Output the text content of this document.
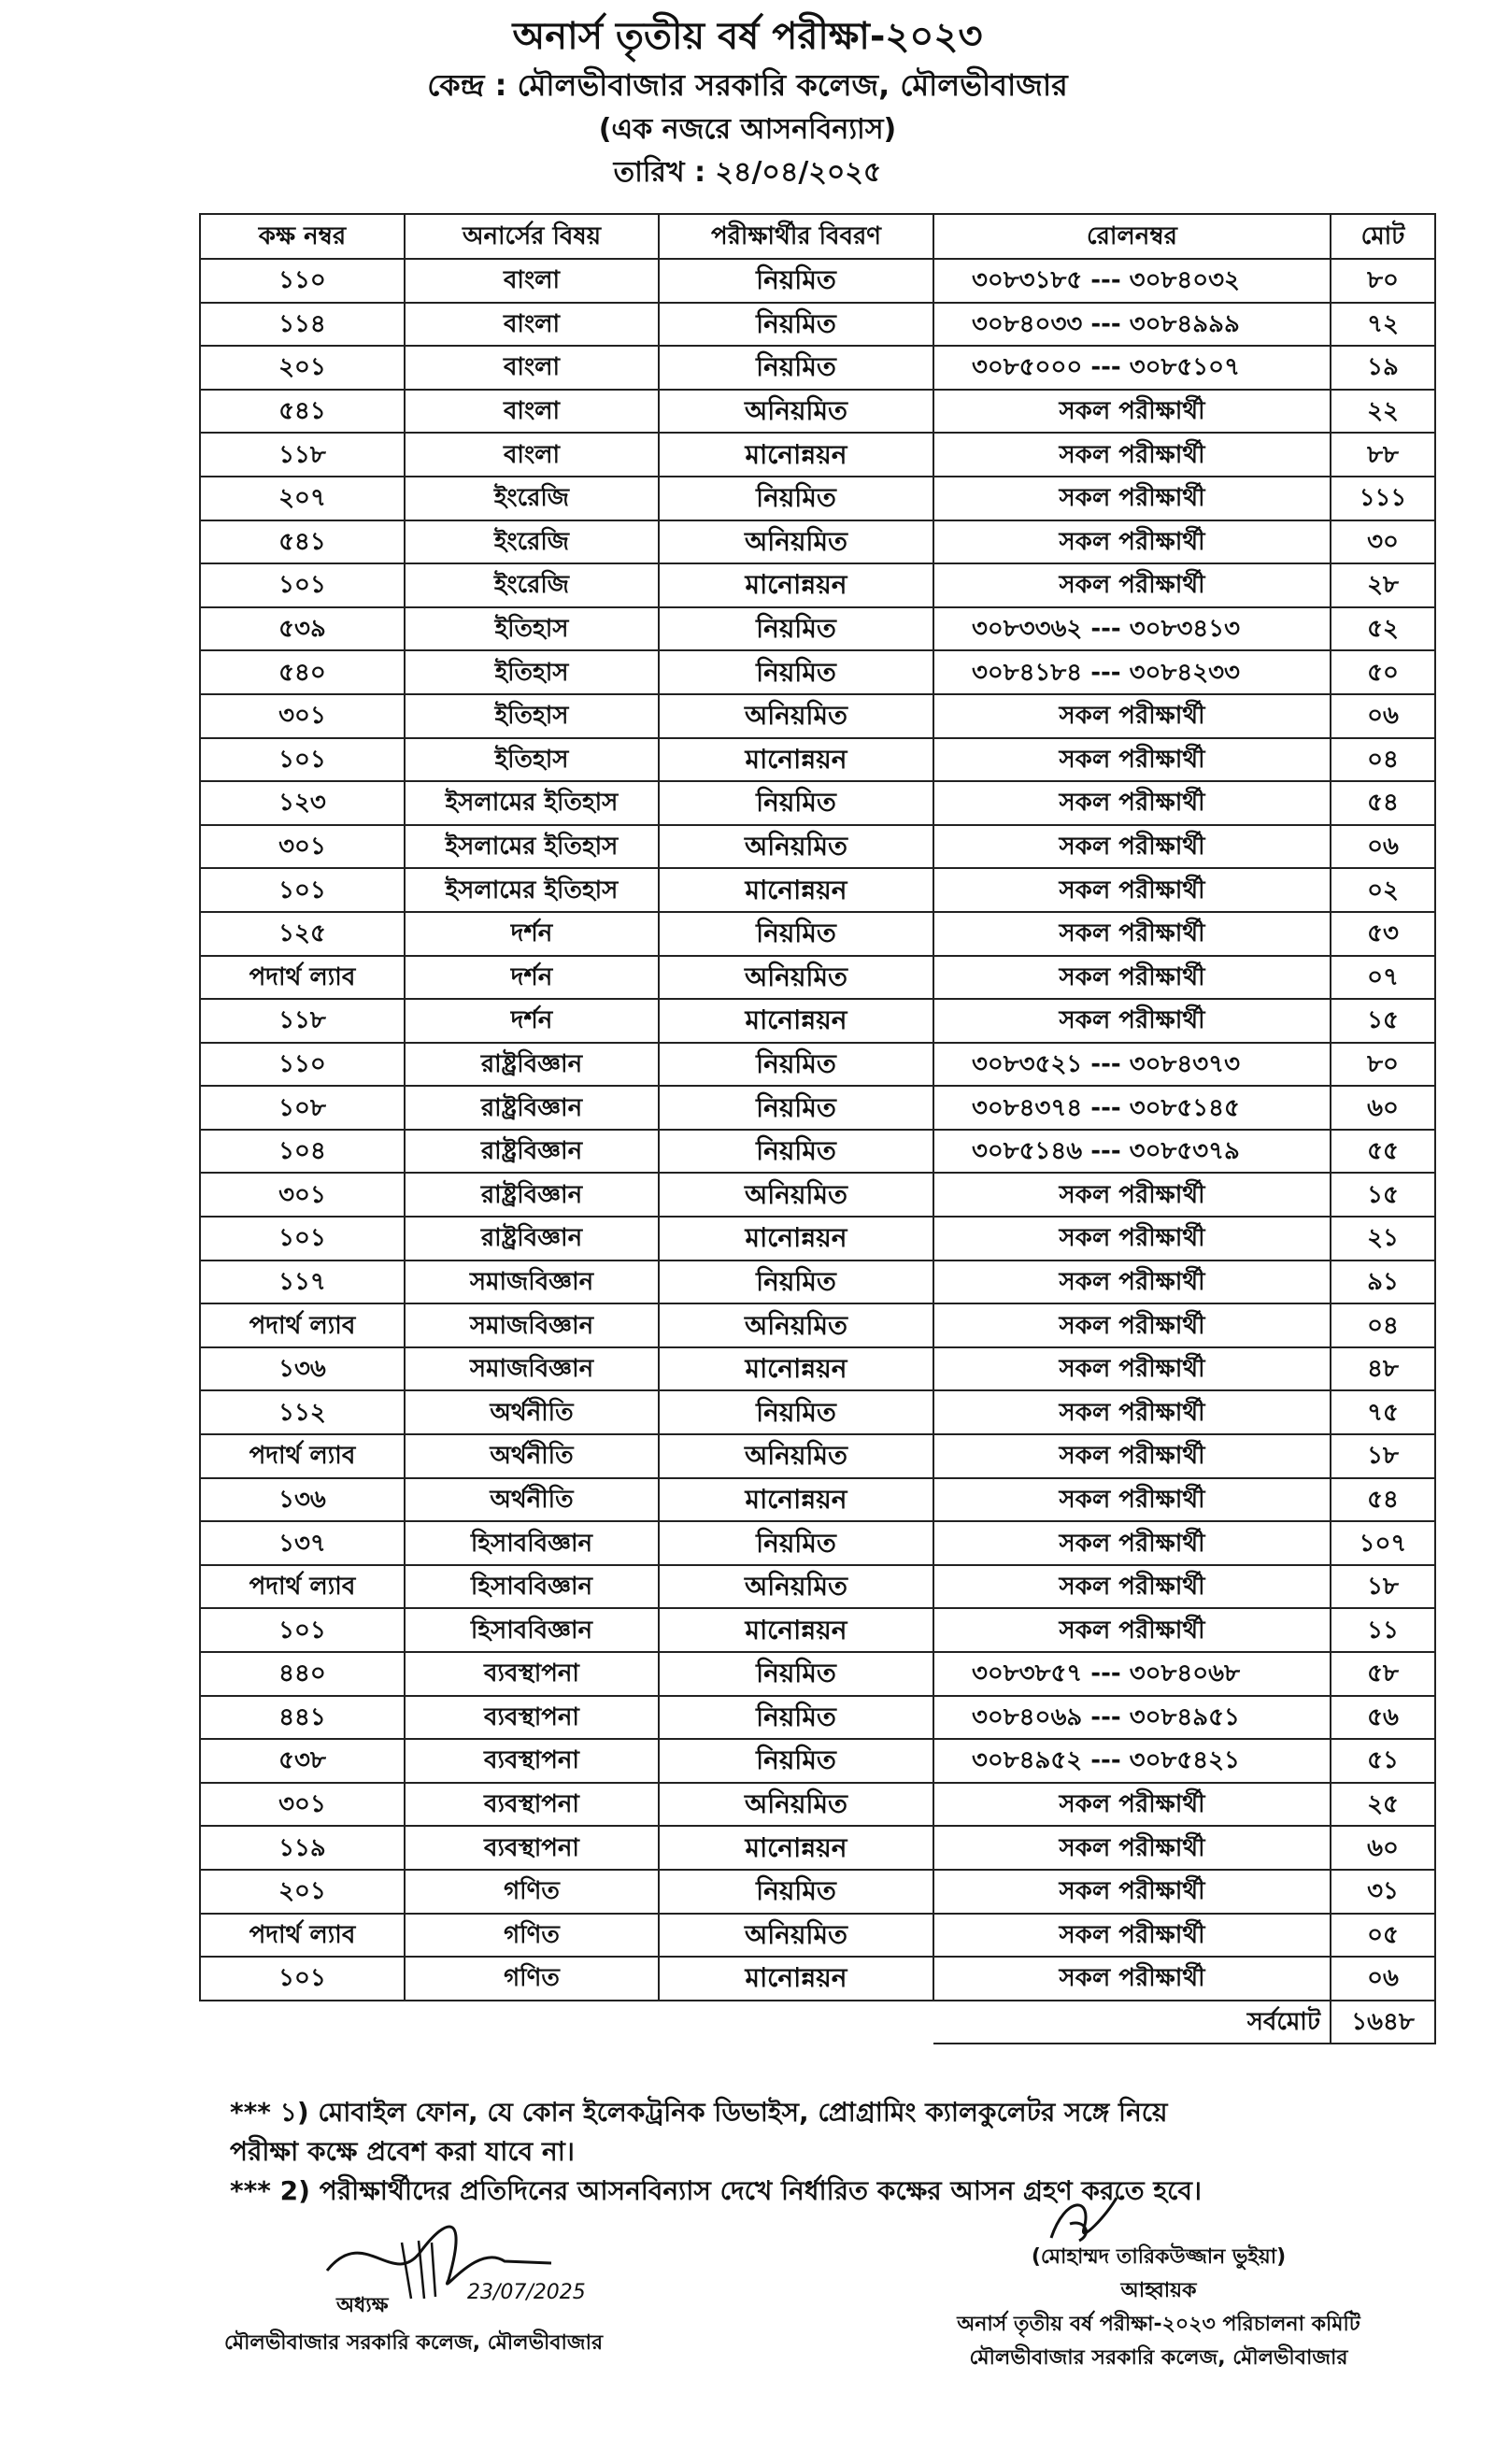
অনার্স তৃতীয় বর্ষ পরীক্ষা-২০২৩
কেন্দ্র : মৌলভীবাজার সরকারি কলেজ, মৌলভীবাজার
(এক নজরে আসনবিন্যাস)
তারিখ : ২৪/০৪/২০২৫
কক্ষ নম্বর	অনার্সের বিষয়	পরীক্ষার্থীর বিবরণ	রোলনম্বর	মোট
১১০	বাংলা	নিয়মিত	৩০৮৩১৮৫ --- ৩০৮৪০৩২	৮০
১১৪	বাংলা	নিয়মিত	৩০৮৪০৩৩ --- ৩০৮৪৯৯৯	৭২
২০১	বাংলা	নিয়মিত	৩০৮৫০০০ --- ৩০৮৫১০৭	১৯
৫৪১	বাংলা	অনিয়মিত	সকল পরীক্ষার্থী	২২
১১৮	বাংলা	মানোন্নয়ন	সকল পরীক্ষার্থী	৮৮
২০৭	ইংরেজি	নিয়মিত	সকল পরীক্ষার্থী	১১১
৫৪১	ইংরেজি	অনিয়মিত	সকল পরীক্ষার্থী	৩০
১০১	ইংরেজি	মানোন্নয়ন	সকল পরীক্ষার্থী	২৮
৫৩৯	ইতিহাস	নিয়মিত	৩০৮৩৩৬২ --- ৩০৮৩৪১৩	৫২
৫৪০	ইতিহাস	নিয়মিত	৩০৮৪১৮৪ --- ৩০৮৪২৩৩	৫০
৩০১	ইতিহাস	অনিয়মিত	সকল পরীক্ষার্থী	০৬
১০১	ইতিহাস	মানোন্নয়ন	সকল পরীক্ষার্থী	০৪
১২৩	ইসলামের ইতিহাস	নিয়মিত	সকল পরীক্ষার্থী	৫৪
৩০১	ইসলামের ইতিহাস	অনিয়মিত	সকল পরীক্ষার্থী	০৬
১০১	ইসলামের ইতিহাস	মানোন্নয়ন	সকল পরীক্ষার্থী	০২
১২৫	দর্শন	নিয়মিত	সকল পরীক্ষার্থী	৫৩
পদার্থ ল্যাব	দর্শন	অনিয়মিত	সকল পরীক্ষার্থী	০৭
১১৮	দর্শন	মানোন্নয়ন	সকল পরীক্ষার্থী	১৫
১১০	রাষ্ট্রবিজ্ঞান	নিয়মিত	৩০৮৩৫২১ --- ৩০৮৪৩৭৩	৮০
১০৮	রাষ্ট্রবিজ্ঞান	নিয়মিত	৩০৮৪৩৭৪ --- ৩০৮৫১৪৫	৬০
১০৪	রাষ্ট্রবিজ্ঞান	নিয়মিত	৩০৮৫১৪৬ --- ৩০৮৫৩৭৯	৫৫
৩০১	রাষ্ট্রবিজ্ঞান	অনিয়মিত	সকল পরীক্ষার্থী	১৫
১০১	রাষ্ট্রবিজ্ঞান	মানোন্নয়ন	সকল পরীক্ষার্থী	২১
১১৭	সমাজবিজ্ঞান	নিয়মিত	সকল পরীক্ষার্থী	৯১
পদার্থ ল্যাব	সমাজবিজ্ঞান	অনিয়মিত	সকল পরীক্ষার্থী	০৪
১৩৬	সমাজবিজ্ঞান	মানোন্নয়ন	সকল পরীক্ষার্থী	৪৮
১১২	অর্থনীতি	নিয়মিত	সকল পরীক্ষার্থী	৭৫
পদার্থ ল্যাব	অর্থনীতি	অনিয়মিত	সকল পরীক্ষার্থী	১৮
১৩৬	অর্থনীতি	মানোন্নয়ন	সকল পরীক্ষার্থী	৫৪
১৩৭	হিসাববিজ্ঞান	নিয়মিত	সকল পরীক্ষার্থী	১০৭
পদার্থ ল্যাব	হিসাববিজ্ঞান	অনিয়মিত	সকল পরীক্ষার্থী	১৮
১০১	হিসাববিজ্ঞান	মানোন্নয়ন	সকল পরীক্ষার্থী	১১
৪৪০	ব্যবস্থাপনা	নিয়মিত	৩০৮৩৮৫৭ --- ৩০৮৪০৬৮	৫৮
৪৪১	ব্যবস্থাপনা	নিয়মিত	৩০৮৪০৬৯ --- ৩০৮৪৯৫১	৫৬
৫৩৮	ব্যবস্থাপনা	নিয়মিত	৩০৮৪৯৫২ --- ৩০৮৫৪২১	৫১
৩০১	ব্যবস্থাপনা	অনিয়মিত	সকল পরীক্ষার্থী	২৫
১১৯	ব্যবস্থাপনা	মানোন্নয়ন	সকল পরীক্ষার্থী	৬০
২০১	গণিত	নিয়মিত	সকল পরীক্ষার্থী	৩১
পদার্থ ল্যাব	গণিত	অনিয়মিত	সকল পরীক্ষার্থী	০৫
১০১	গণিত	মানোন্নয়ন	সকল পরীক্ষার্থী	০৬
			সর্বমোট	১৬৪৮
*** ১) মোবাইল ফোন, যে কোন ইলেকট্রনিক ডিভাইস, প্রোগ্রামিং ক্যালকুলেটর সঙ্গে নিয়ে
পরীক্ষা কক্ষে প্রবেশ করা যাবে না।
*** 2) পরীক্ষার্থীদের প্রতিদিনের আসনবিন্যাস দেখে নির্ধারিত কক্ষের আসন গ্রহণ করতে হবে।
23/07/2025
অধ্যক্ষ
মৌলভীবাজার সরকারি কলেজ, মৌলভীবাজার
(মোহাম্মদ তারিকউজ্জান ভুইয়া)
আহ্বায়ক
অনার্স তৃতীয় বর্ষ পরীক্ষা-২০২৩ পরিচালনা কমিটি
মৌলভীবাজার সরকারি কলেজ, মৌলভীবাজার
